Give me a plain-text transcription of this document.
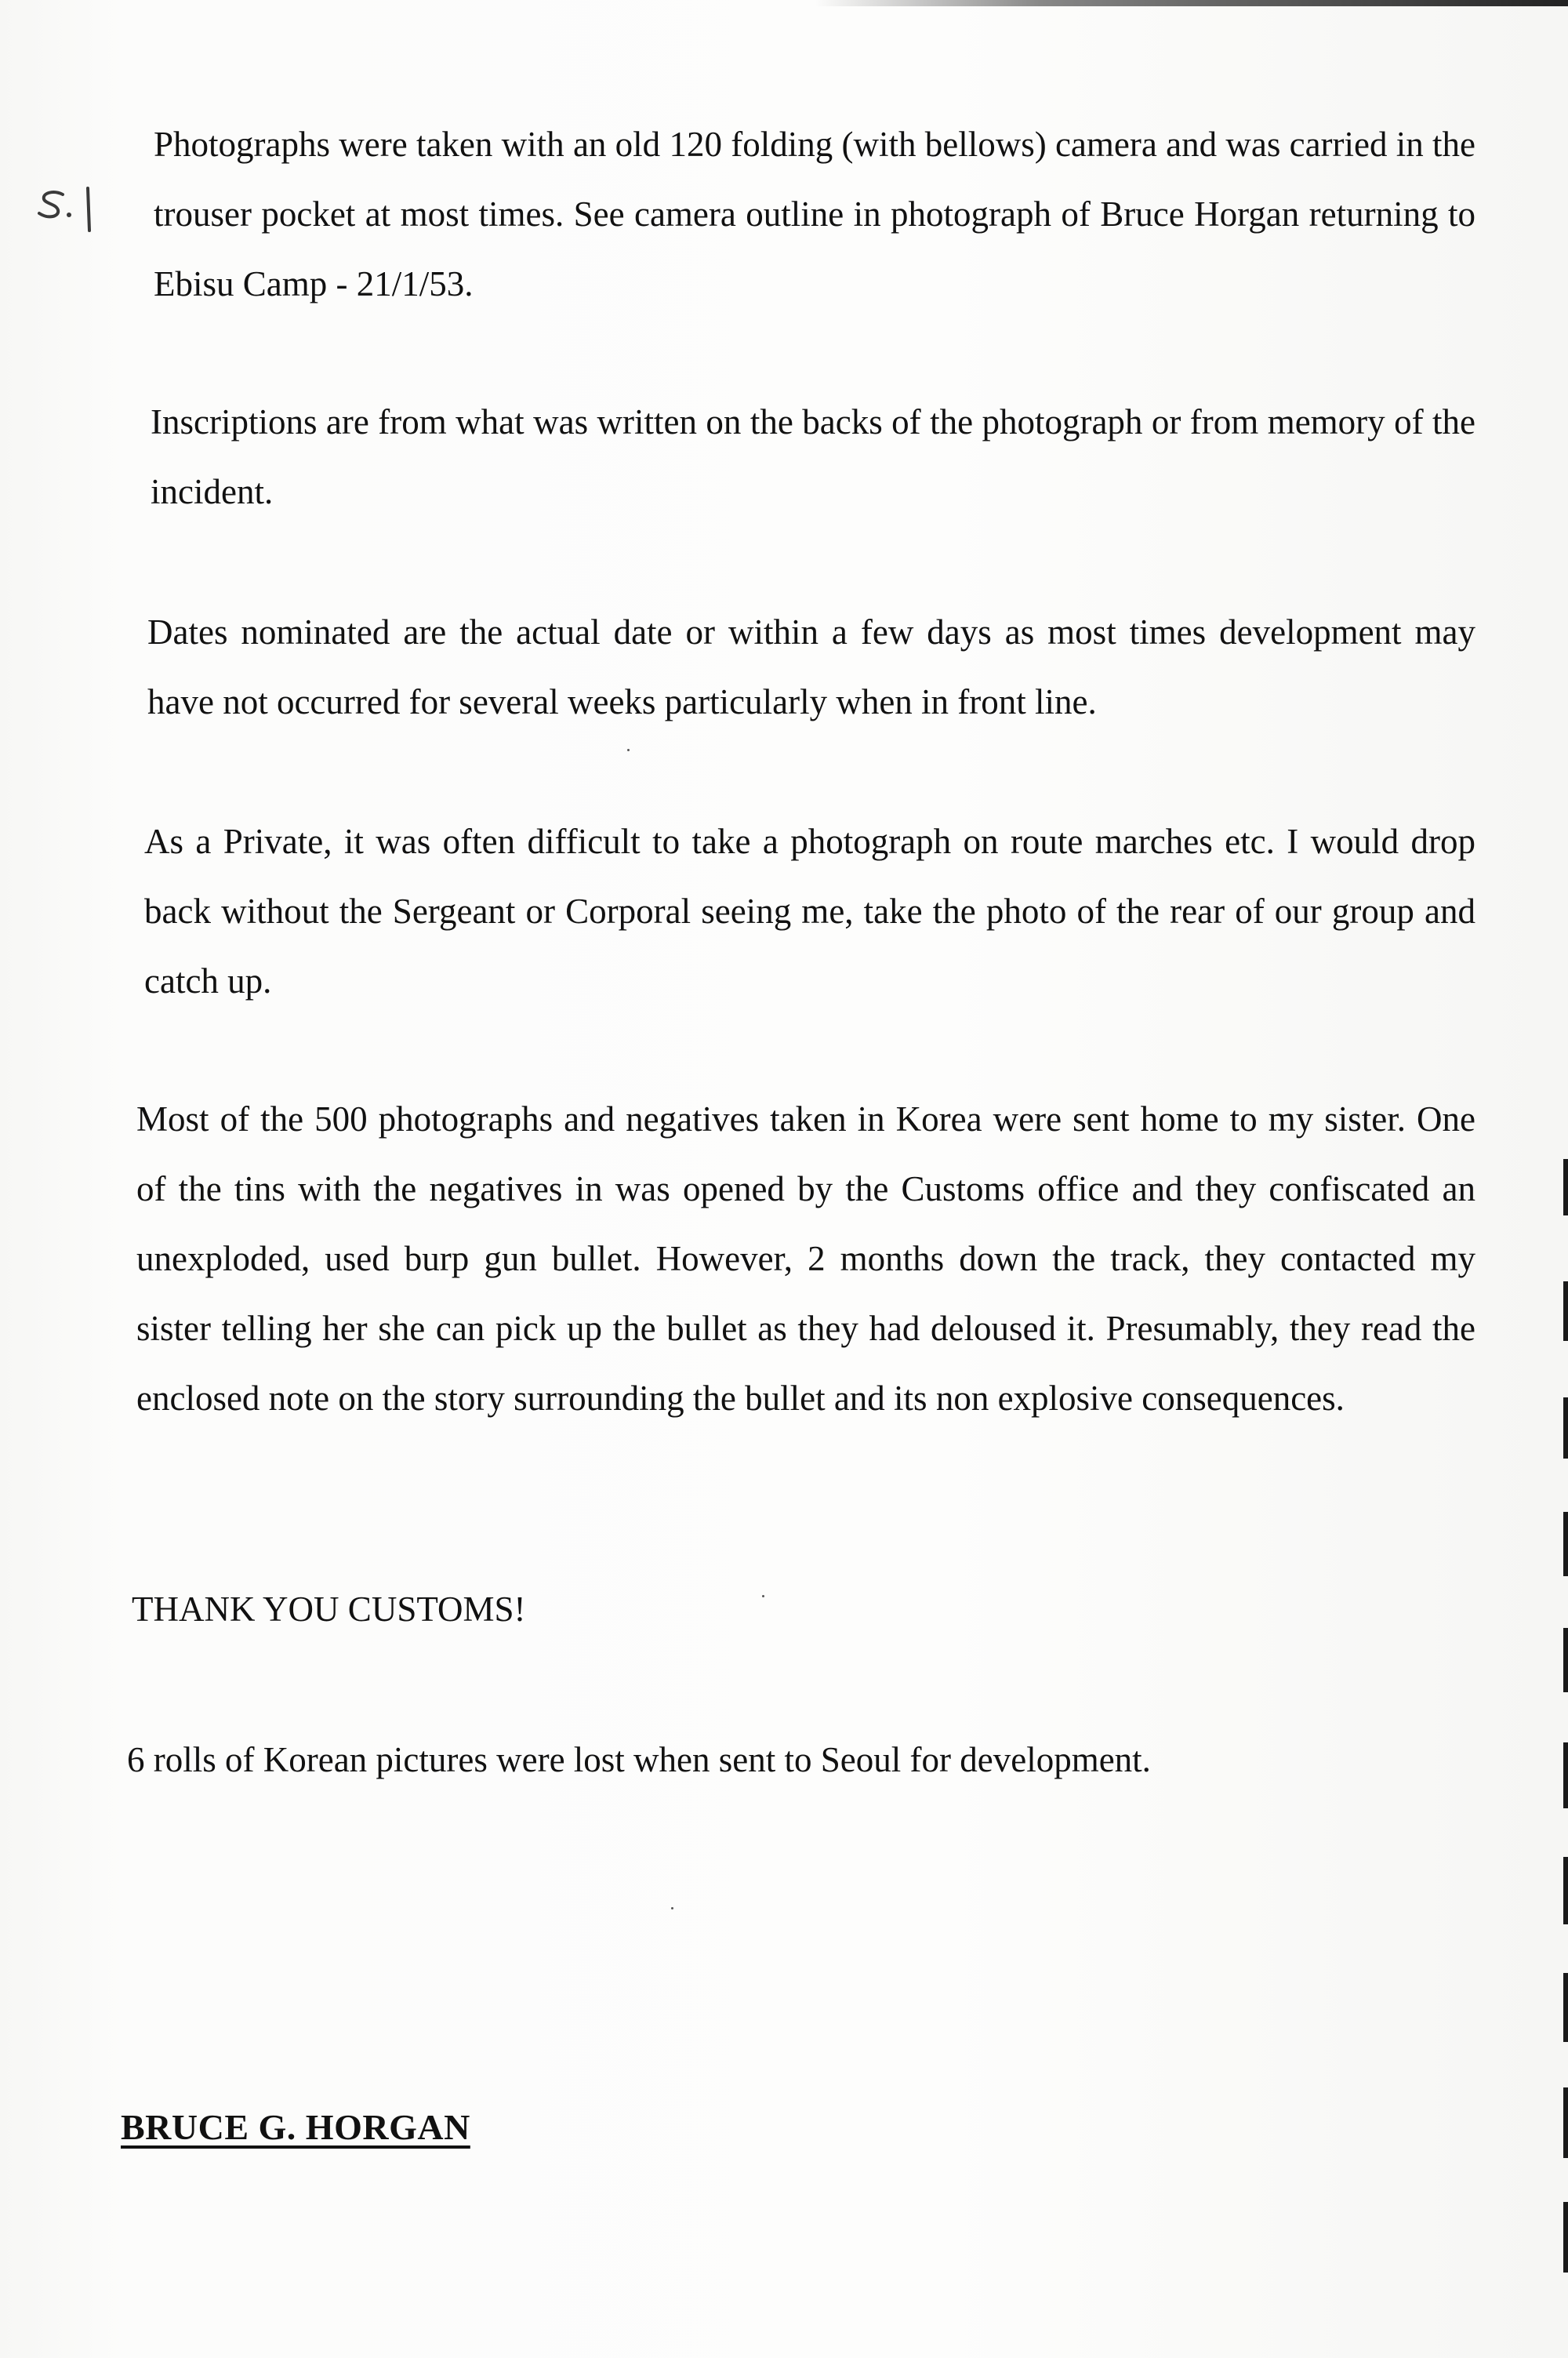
Photographs were taken with an old 120 folding (with bellows) camera and was carried in the trouser pocket at most times. See camera outline in photograph of Bruce Horgan returning to Ebisu Camp - 21/1/53.

Inscriptions are from what was written on the backs of the photograph or from memory of the incident.

Dates nominated are the actual date or within a few days as most times development may have not occurred for several weeks particularly when in front line.

As a Private, it was often difficult to take a photograph on route marches etc. I would drop back without the Sergeant or Corporal seeing me, take the photo of the rear of our group and catch up.

Most of the 500 photographs and negatives taken in Korea were sent home to my sister. One of the tins with the negatives in was opened by the Customs office and they confiscated an unexploded, used burp gun bullet. However, 2 months down the track, they contacted my sister telling her she can pick up the bullet as they had deloused it. Presumably, they read the enclosed note on the story surrounding the bullet and its non explosive consequences.

THANK YOU CUSTOMS!

6 rolls of Korean pictures were lost when sent to Seoul for development.

BRUCE G. HORGAN
